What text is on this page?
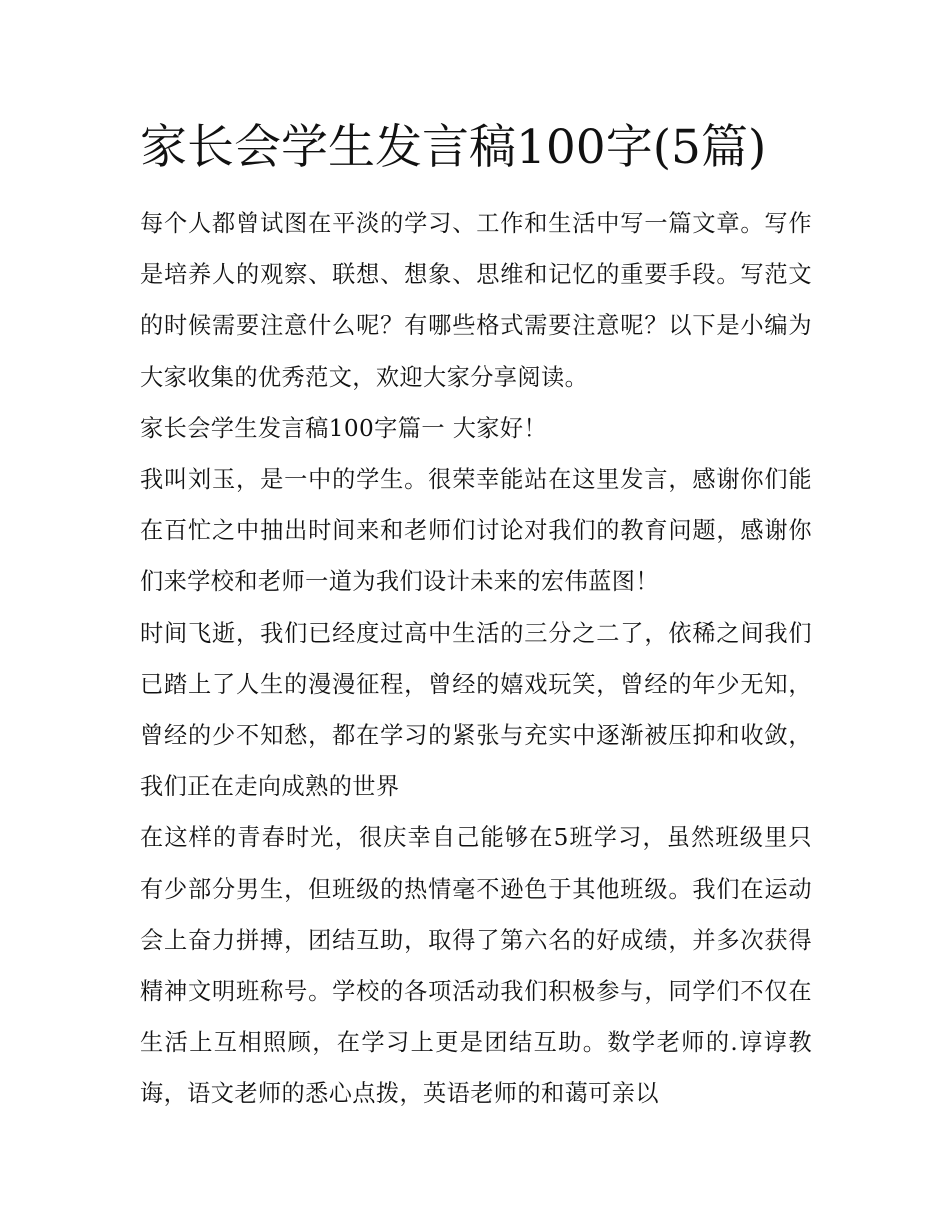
家长会学生发言稿100字(5篇)

每个人都曾试图在平淡的学习、工作和生活中写一篇文章。写作是培养人的观察、联想、想象、思维和记忆的重要手段。写范文的时候需要注意什么呢？有哪些格式需要注意呢？以下是小编为大家收集的优秀范文，欢迎大家分享阅读。

家长会学生发言稿100字篇一 大家好！

我叫刘玉，是一中的学生。很荣幸能站在这里发言，感谢你们能在百忙之中抽出时间来和老师们讨论对我们的教育问题，感谢你们来学校和老师一道为我们设计未来的宏伟蓝图！

时间飞逝，我们已经度过高中生活的三分之二了，依稀之间我们已踏上了人生的漫漫征程，曾经的嬉戏玩笑，曾经的年少无知，曾经的少不知愁，都在学习的紧张与充实中逐渐被压抑和收敛，我们正在走向成熟的世界

在这样的青春时光，很庆幸自己能够在5班学习，虽然班级里只有少部分男生，但班级的热情毫不逊色于其他班级。我们在运动会上奋力拼搏，团结互助，取得了第六名的好成绩，并多次获得精神文明班称号。学校的各项活动我们积极参与，同学们不仅在生活上互相照顾，在学习上更是团结互助。数学老师的.谆谆教诲，语文老师的悉心点拨，英语老师的和蔼可亲以
